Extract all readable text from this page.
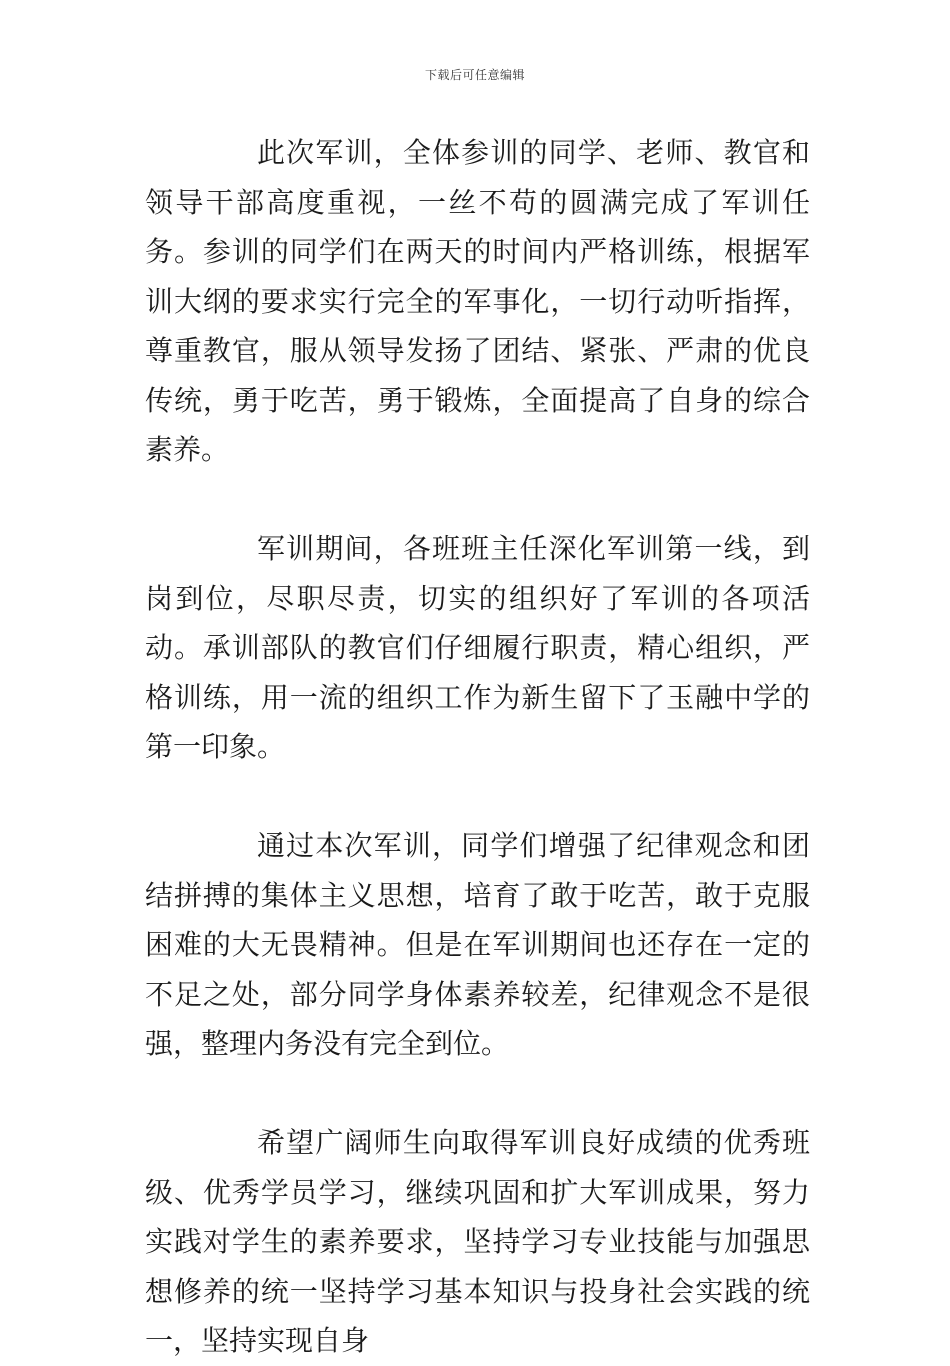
下载后可任意编辑

此次军训，全体参训的同学、老师、教官和领导干部高度重视，一丝不苟的圆满完成了军训任务。参训的同学们在两天的时间内严格训练，根据军训大纲的要求实行完全的军事化，一切行动听指挥，尊重教官，服从领导发扬了团结、紧张、严肃的优良传统，勇于吃苦，勇于锻炼，全面提高了自身的综合素养。

军训期间，各班班主任深化军训第一线，到岗到位，尽职尽责，切实的组织好了军训的各项活动。承训部队的教官们仔细履行职责，精心组织，严格训练，用一流的组织工作为新生留下了玉融中学的第一印象。

通过本次军训，同学们增强了纪律观念和团结拼搏的集体主义思想，培育了敢于吃苦，敢于克服困难的大无畏精神。但是在军训期间也还存在一定的不足之处，部分同学身体素养较差，纪律观念不是很强，整理内务没有完全到位。

希望广阔师生向取得军训良好成绩的优秀班级、优秀学员学习，继续巩固和扩大军训成果，努力实践对学生的素养要求，坚持学习专业技能与加强思想修养的统一坚持学习基本知识与投身社会实践的统一，坚持实现自身
